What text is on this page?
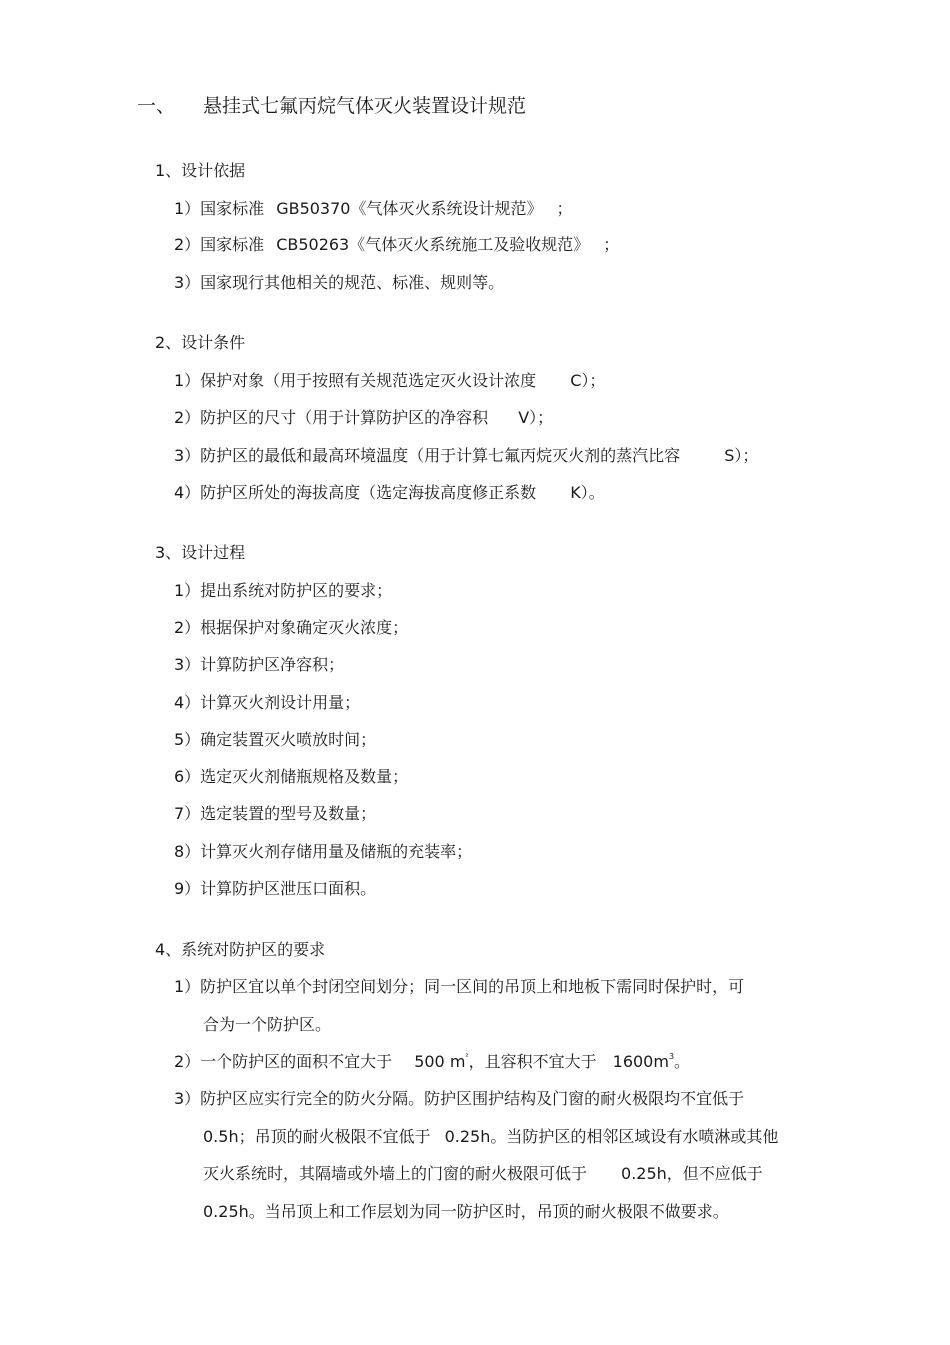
一、 悬挂式七氟丙烷气体灭火装置设计规范
1、设计依据
1）国家标准 GB50370《气体灭火系统设计规范》 ；
2）国家标准 CB50263《气体灭火系统施工及验收规范》 ；
3）国家现行其他相关的规范、标准、规则等。
2、设计条件
1）保护对象（用于按照有关规范选定灭火设计浓度 C）；
2）防护区的尺寸（用于计算防护区的净容积 V）；
3）防护区的最低和最高环境温度（用于计算七氟丙烷灭火剂的蒸汽比容	S）；
4）防护区所处的海拔高度（选定海拔高度修正系数 K）。
3、设计过程
1）提出系统对防护区的要求；
2）根据保护对象确定灭火浓度；
3）计算防护区净容积；
4）计算灭火剂设计用量；
5）确定装置灭火喷放时间；
6）选定灭火剂储瓶规格及数量；
7）选定装置的型号及数量；
8）计算灭火剂存储用量及储瓶的充装率；
9）计算防护区泄压口面积。
4、系统对防护区的要求
1）防护区宜以单个封闭空间划分；同一区间的吊顶上和地板下需同时保护时，可
合为一个防护区。
2）一个防护区的面积不宜大于 500 $m^{^2}$，且容积不宜大于 $1600m^3$。
3）防护区应实行完全的防火分隔。防护区围护结构及门窗的耐火极限均不宜低于
0.5h；吊顶的耐火极限不宜低于 0.25h。当防护区的相邻区域设有水喷淋或其他
灭火系统时，其隔墙或外墙上的门窗的耐火极限可低于 0.25h，但不应低于
0.25h。当吊顶上和工作层划为同一防护区时，吊顶的耐火极限不做要求。
